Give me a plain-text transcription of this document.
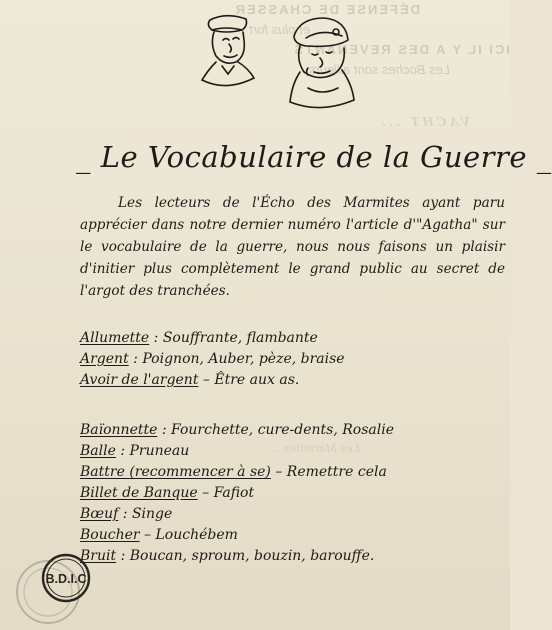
DÉFENSE DE CHASSER
et plus fort :
ICI IL Y A DES REVENANTS
Les Boches sont ailleurs
VACHT ...
Les Marmites...
_ Le Vocabulaire de la Guerre _
Les lecteurs de l'Écho des Marmites ayant paru apprécier dans notre dernier numéro l'article d'"Agatha" sur le vocabulaire de la guerre, nous nous faisons un plaisir d'initier plus complètement le grand public au secret de l'argot des tranchées.
Allumette : Souffrante, flambante
Argent : Poignon, Auber, pèze, braise
Avoir de l'argent – Être aux as.
Baïonnette : Fourchette, cure-dents, Rosalie
Balle : Pruneau
Battre (recommencer à se) – Remettre cela
Billet de Banque – Fafiot
Bœuf : Singe
Boucher – Louchébem
Bruit : Boucan, sproum, bouzin, barouffe.
B.D.I.C
